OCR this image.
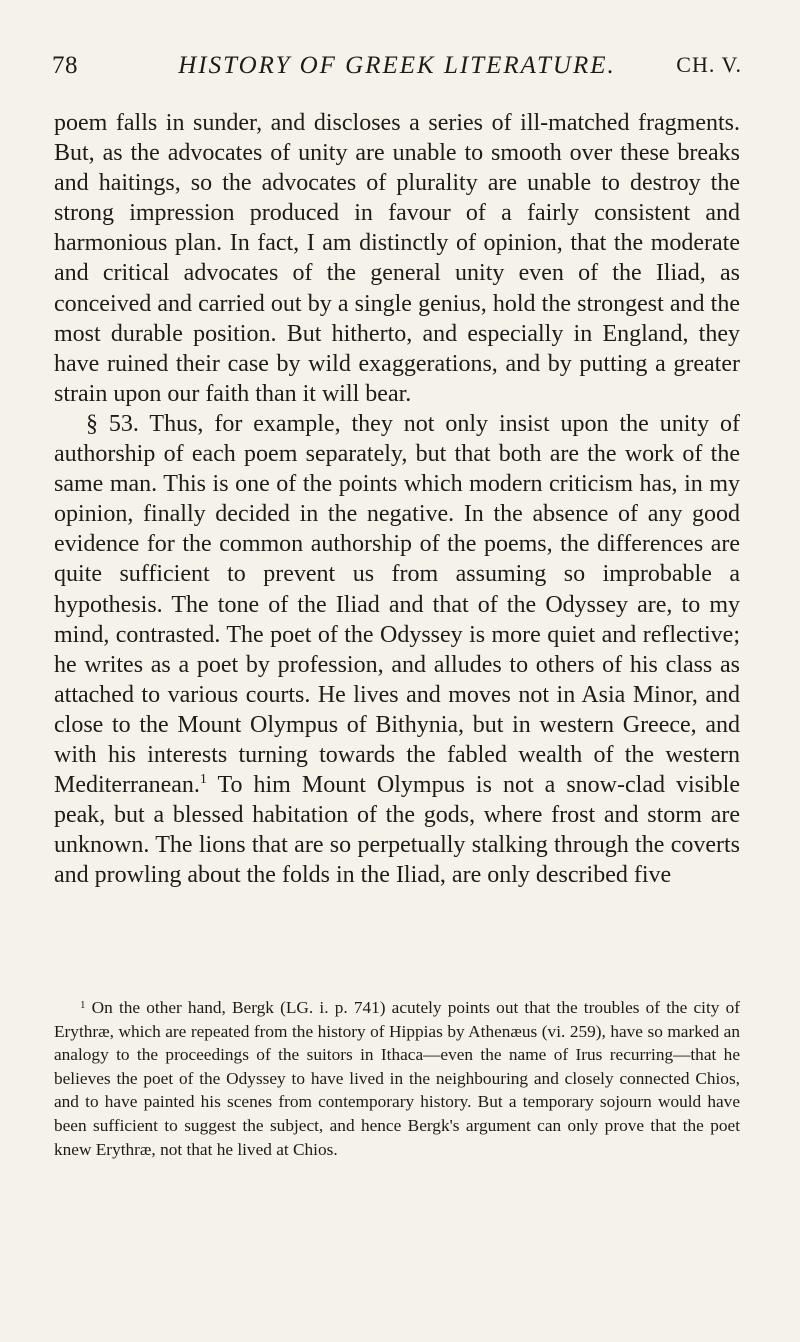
78	HISTORY OF GREEK LITERATURE.	CH. V.

poem falls in sunder, and discloses a series of ill-matched fragments. But, as the advocates of unity are unable to smooth over these breaks and haitings, so the advocates of plurality are unable to destroy the strong impression produced in favour of a fairly consistent and harmonious plan. In fact, I am distinctly of opinion, that the moderate and critical advocates of the general unity even of the Iliad, as conceived and carried out by a single genius, hold the strongest and the most durable position. But hitherto, and especially in England, they have ruined their case by wild exaggerations, and by putting a greater strain upon our faith than it will bear.

§ 53. Thus, for example, they not only insist upon the unity of authorship of each poem separately, but that both are the work of the same man. This is one of the points which modern criticism has, in my opinion, finally decided in the negative. In the absence of any good evidence for the common authorship of the poems, the differences are quite sufficient to prevent us from assuming so improbable a hypothesis. The tone of the Iliad and that of the Odyssey are, to my mind, contrasted. The poet of the Odyssey is more quiet and reflective; he writes as a poet by profession, and alludes to others of his class as attached to various courts. He lives and moves not in Asia Minor, and close to the Mount Olympus of Bithynia, but in western Greece, and with his interests turning towards the fabled wealth of the western Mediterranean.$^1$ To him Mount Olympus is not a snow-clad visible peak, but a blessed habitation of the gods, where frost and storm are unknown. The lions that are so perpetually stalking through the coverts and prowling about the folds in the Iliad, are only described five

$^1$ On the other hand, Bergk (LG. i. p. 741) acutely points out that the troubles of the city of Erythræ, which are repeated from the history of Hippias by Athenæus (vi. 259), have so marked an analogy to the proceedings of the suitors in Ithaca—even the name of Irus recurring—that he believes the poet of the Odyssey to have lived in the neighbouring and closely connected Chios, and to have painted his scenes from contemporary history. But a temporary sojourn would have been sufficient to suggest the subject, and hence Bergk's argument can only prove that the poet knew Erythræ, not that he lived at Chios.
